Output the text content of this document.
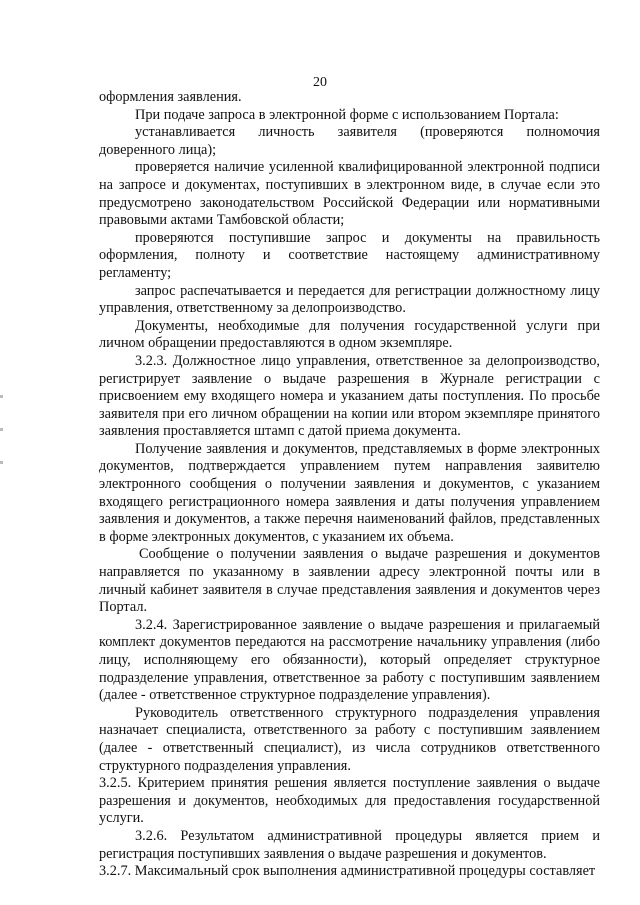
20

оформления заявления.

При подаче запроса в электронной форме с использованием Портала:

устанавливается личность заявителя (проверяются полномочия доверенного лица);

проверяется наличие усиленной квалифицированной электронной подписи на запросе и документах, поступивших в электронном виде, в случае если это предусмотрено законодательством Российской Федерации или нормативными правовыми актами Тамбовской области;

проверяются поступившие запрос и документы на правильность оформления, полноту и соответствие настоящему административному регламенту;

запрос распечатывается и передается для регистрации должностному лицу управления, ответственному за делопроизводство.

Документы, необходимые для получения государственной услуги при личном обращении предоставляются в одном экземпляре.

3.2.3. Должностное лицо управления, ответственное за делопроизводство, регистрирует заявление о выдаче разрешения в Журнале регистрации с присвоением ему входящего номера и указанием даты поступления. По просьбе заявителя при его личном обращении на копии или втором экземпляре принятого заявления проставляется штамп с датой приема документа.

Получение заявления и документов, представляемых в форме электронных документов, подтверждается управлением путем направления заявителю электронного сообщения о получении заявления и документов, с указанием входящего регистрационного номера заявления и даты получения управлением заявления и документов, а также перечня наименований файлов, представленных в форме электронных документов, с указанием их объема.

Сообщение о получении заявления о выдаче разрешения и документов направляется по указанному в заявлении адресу электронной почты или в личный кабинет заявителя в случае представления заявления и документов через Портал.

3.2.4. Зарегистрированное заявление о выдаче разрешения и прилагаемый комплект документов передаются на рассмотрение начальнику управления (либо лицу, исполняющему его обязанности), который определяет структурное подразделение управления, ответственное за работу с поступившим заявлением (далее - ответственное структурное подразделение управления).

Руководитель ответственного структурного подразделения управления назначает специалиста, ответственного за работу с поступившим заявлением (далее - ответственный специалист), из числа сотрудников ответственного структурного подразделения управления.

3.2.5. Критерием принятия решения является поступление заявления о выдаче разрешения и документов, необходимых для предоставления государственной услуги.

3.2.6. Результатом административной процедуры является прием и регистрация поступивших заявления о выдаче разрешения и документов.

3.2.7. Максимальный срок выполнения административной процедуры составляет
